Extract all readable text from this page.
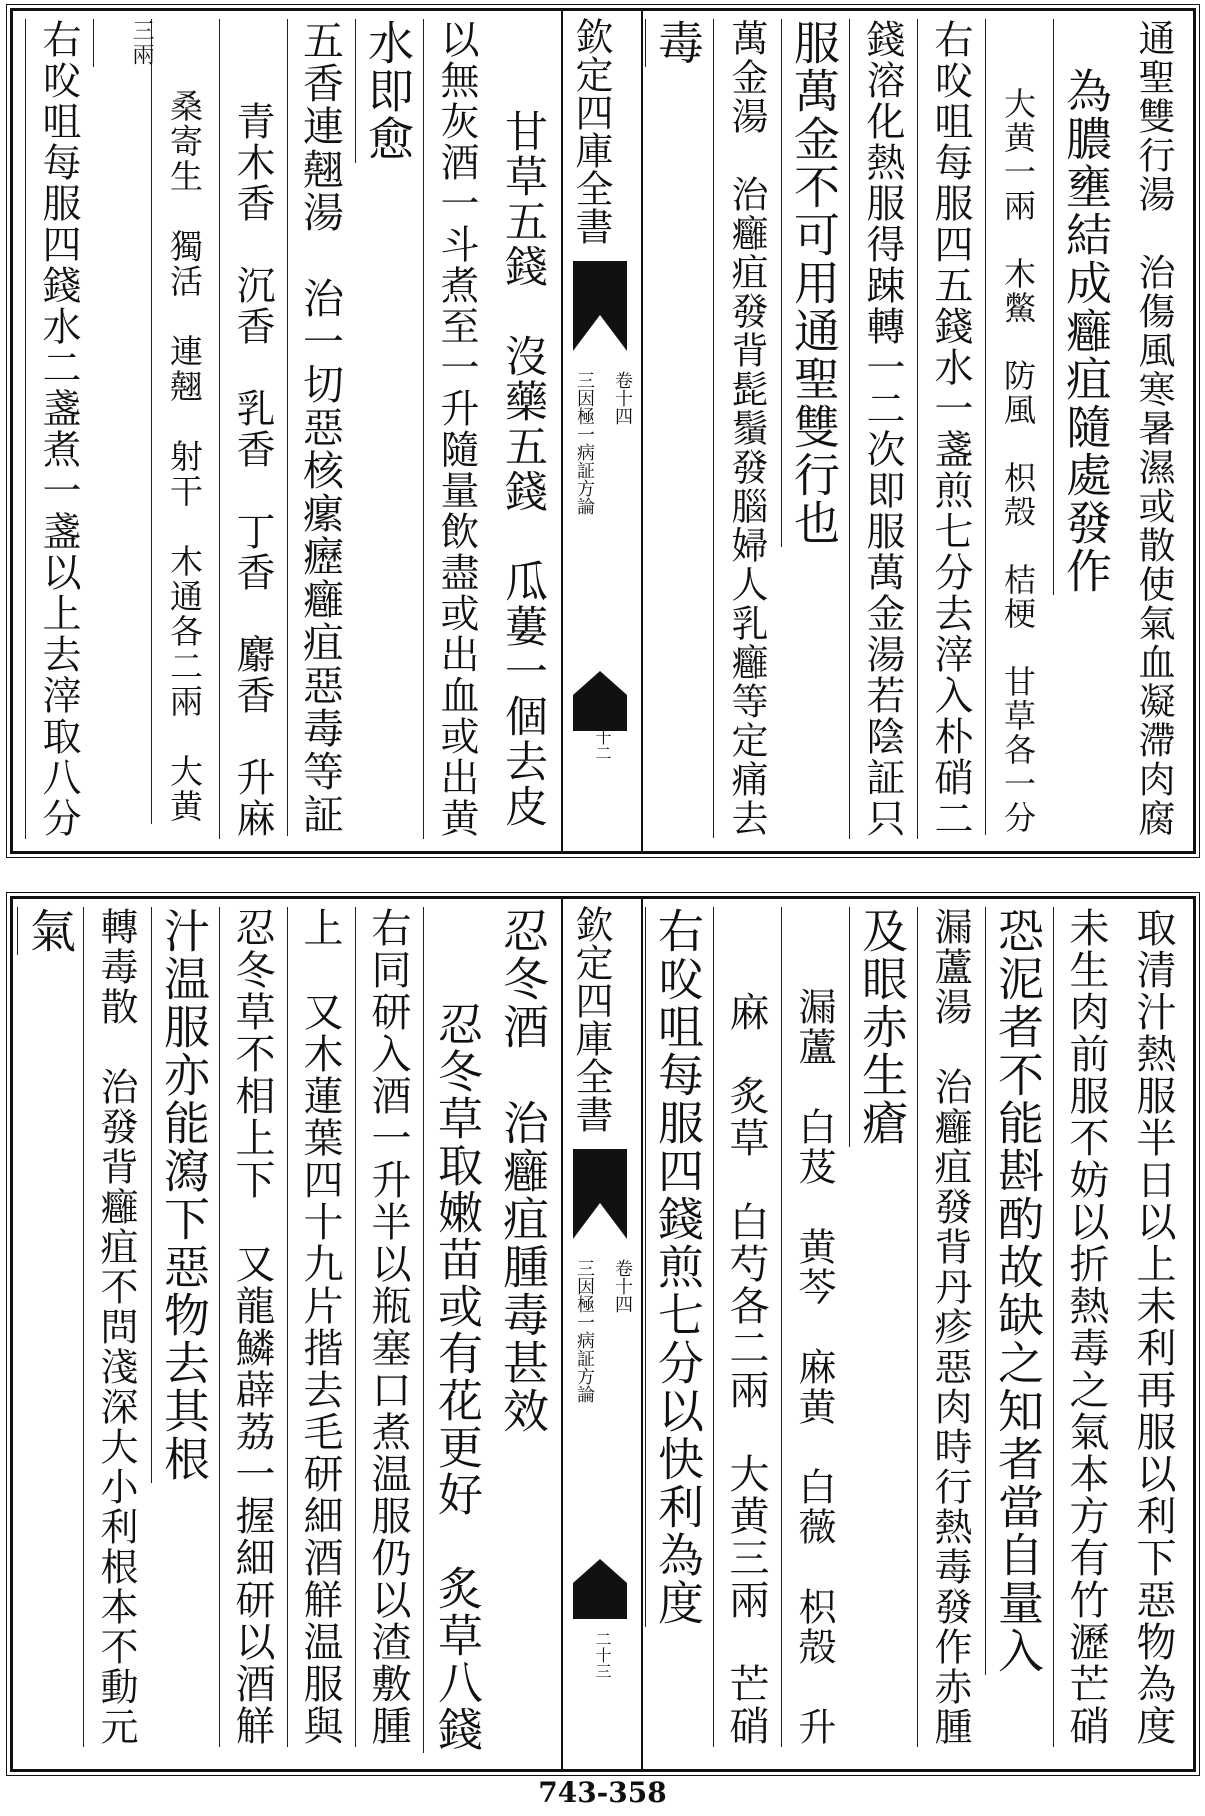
通聖雙行湯　治傷風寒暑濕或散使氣血凝滯肉腐
　為膿壅結成癰疽隨處發作
　　大黄一兩　木鱉　防風　枳殻　桔梗　甘草各一分
右㕮咀每服四五錢水一盞煎七分去滓入朴硝二
錢溶化熱服得踈轉一二次即服萬金湯若陰証只
服萬金不可用通聖雙行也
萬金湯　治癰疽發背髭鬚發腦婦人乳癰等定痛去
毒
欽定四庫全書
卷十四
三因極一病証方論
二十二
　　甘草五錢　沒藥五錢　瓜蔞一個去皮
以無灰酒一斗煮至一升隨量飲盡或出血或出黄
水即愈
五香連翹湯　治一切惡核瘰癧癰疽惡毒等証
　　青木香　沉香　乳香　丁香　麝香　升麻
　　桑寄生　獨活　連翹　射干　木通各二兩　大黄
三兩
右㕮咀每服四錢水二盞煮一盞以上去滓取八分
取清汁熱服半日以上未利再服以利下惡物為度
未生肉前服不妨以折熱毒之氣本方有竹瀝芒硝
恐泥者不能斟酌故缺之知者當自量入
漏蘆湯　治癰疽發背丹疹惡肉時行熱毒發作赤腫
及眼赤生瘡
　　漏蘆　白芨　黄芩　麻黄　白薇　枳殻　升
　　麻　炙草　白芍各二兩　大黄三兩　芒硝
右㕮咀每服四錢煎七分以快利為度
欽定四庫全書
卷十四
三因極一病証方論
二十三
忍冬酒　治癰疽腫毒甚效
　　忍冬草取嫩苗或有花更好　炙草八錢
右同研入酒一升半以瓶塞口煮温服仍以渣敷腫
上　又木蓮葉四十九片揩去毛研細酒觧温服與
忍冬草不相上下　又龍鱗薜荔一握細研以酒觧
汁温服亦能瀉下惡物去其根
轉毒散　治發背癰疽不問淺深大小利根本不動元
氣
743-358
